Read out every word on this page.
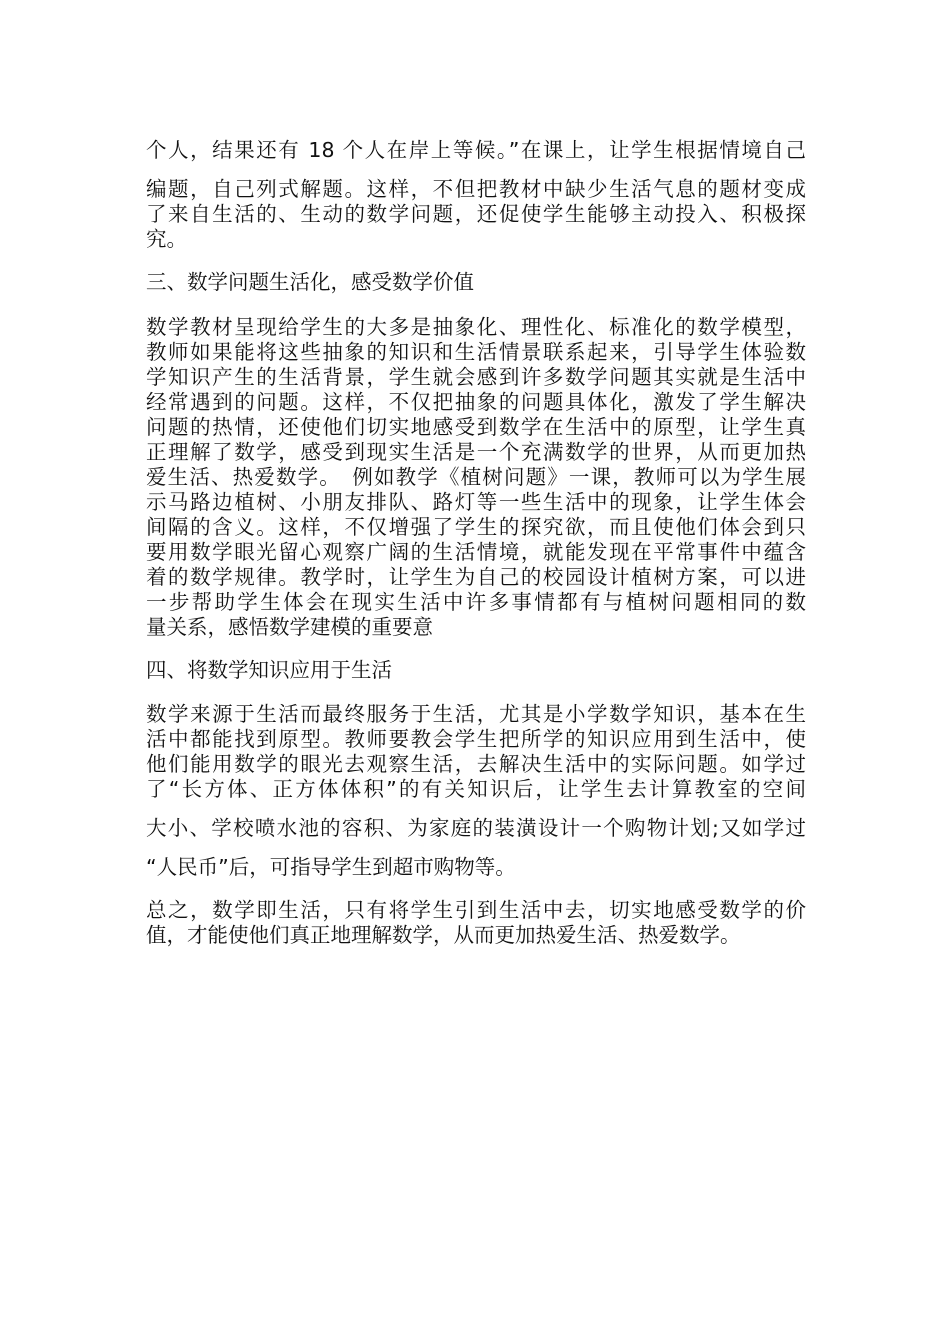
个人，结果还有 18 个人在岸上等候。”在课上，让学生根据情境自己
编题，自己列式解题。这样，不但把教材中缺少生活气息的题材变成
了来自生活的、生动的数学问题，还促使学生能够主动投入、积极探
究。
三、数学问题生活化，感受数学价值
数学教材呈现给学生的大多是抽象化、理性化、标准化的数学模型，
教师如果能将这些抽象的知识和生活情景联系起来，引导学生体验数
学知识产生的生活背景，学生就会感到许多数学问题其实就是生活中
经常遇到的问题。这样，不仅把抽象的问题具体化，激发了学生解决
问题的热情，还使他们切实地感受到数学在生活中的原型，让学生真
正理解了数学，感受到现实生活是一个充满数学的世界，从而更加热
爱生活、热爱数学。　例如教学《植树问题》一课，教师可以为学生展
示马路边植树、小朋友排队、路灯等一些生活中的现象，让学生体会
间隔的含义。这样，不仅增强了学生的探究欲，而且使他们体会到只
要用数学眼光留心观察广阔的生活情境，就能发现在平常事件中蕴含
着的数学规律。教学时，让学生为自己的校园设计植树方案，可以进
一步帮助学生体会在现实生活中许多事情都有与植树问题相同的数
量关系，感悟数学建模的重要意
四、将数学知识应用于生活
数学来源于生活而最终服务于生活，尤其是小学数学知识，基本在生
活中都能找到原型。教师要教会学生把所学的知识应用到生活中，使
他们能用数学的眼光去观察生活，去解决生活中的实际问题。如学过
了“长方体、正方体体积”的有关知识后，让学生去计算教室的空间
大小、学校喷水池的容积、为家庭的装潢设计一个购物计划;又如学过
“人民币”后，可指导学生到超市购物等。
总之，数学即生活，只有将学生引到生活中去，切实地感受数学的价
值，才能使他们真正地理解数学，从而更加热爱生活、热爱数学。
